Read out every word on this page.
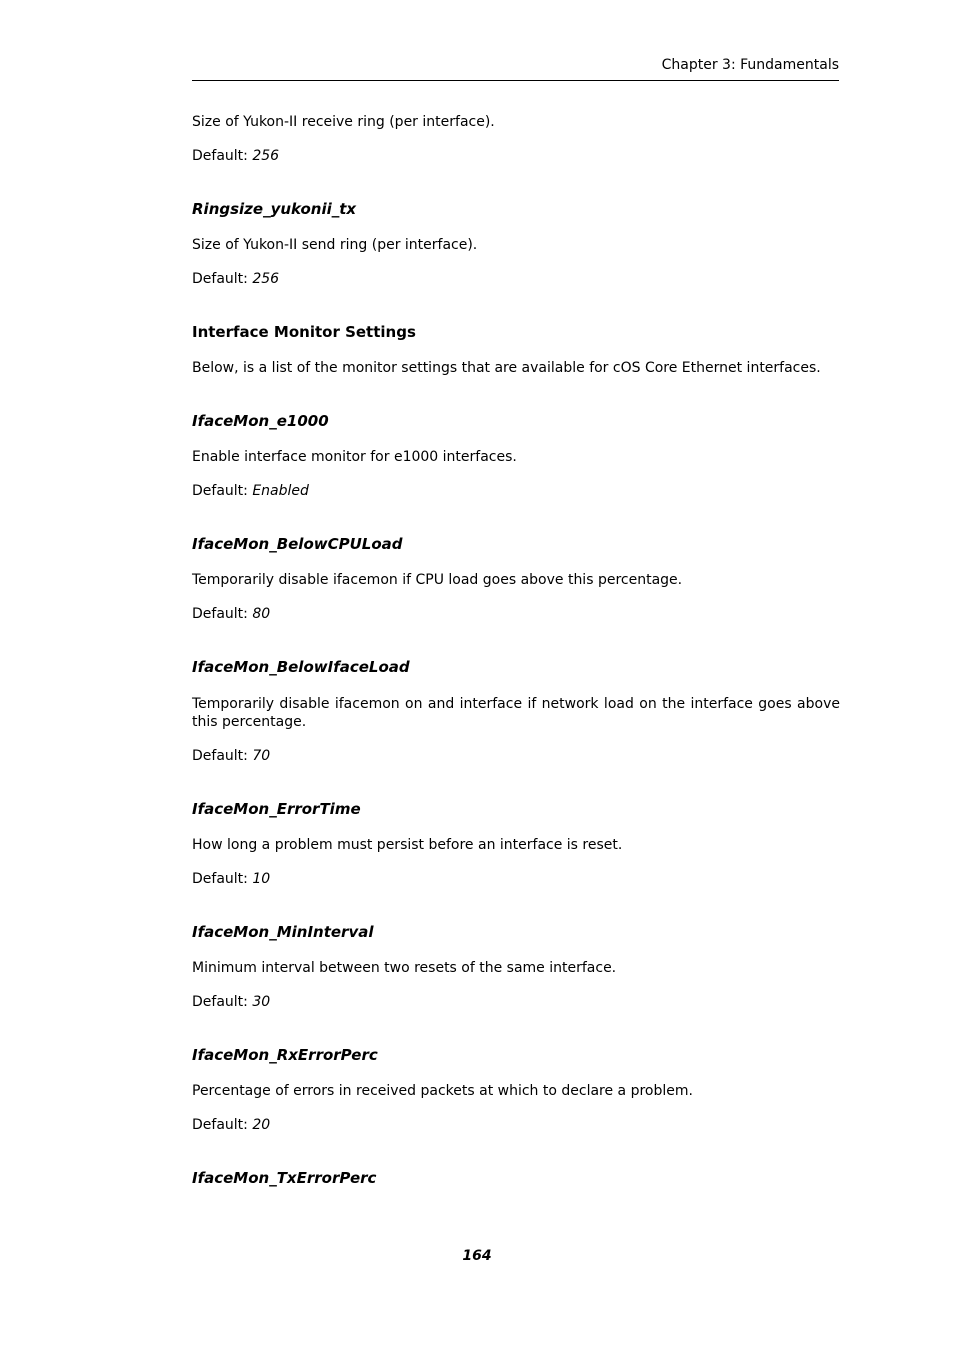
Chapter 3: Fundamentals

Size of Yukon-II receive ring (per interface).

Default: 256

Ringsize_yukonii_tx

Size of Yukon-II send ring (per interface).

Default: 256

Interface Monitor Settings

Below, is a list of the monitor settings that are available for cOS Core Ethernet interfaces.

IfaceMon_e1000

Enable interface monitor for e1000 interfaces.

Default: Enabled

IfaceMon_BelowCPULoad

Temporarily disable ifacemon if CPU load goes above this percentage.

Default: 80

IfaceMon_BelowIfaceLoad

Temporarily disable ifacemon on and interface if network load on the interface goes above this percentage.

Default: 70

IfaceMon_ErrorTime

How long a problem must persist before an interface is reset.

Default: 10

IfaceMon_MinInterval

Minimum interval between two resets of the same interface.

Default: 30

IfaceMon_RxErrorPerc

Percentage of errors in received packets at which to declare a problem.

Default: 20

IfaceMon_TxErrorPerc
164
